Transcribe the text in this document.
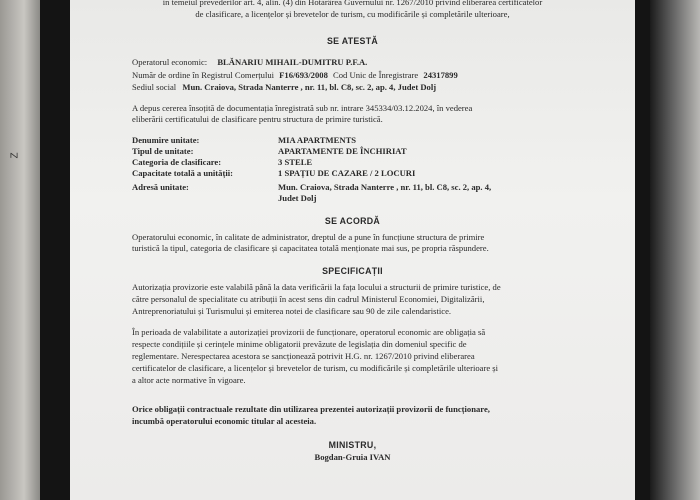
Z
in temeiul prevederilor art. 4, alin. (4) din Hotărârea Guvernului nr. 1267/2010 privind eliberarea certificatelor
de clasificare, a licențelor și brevetelor de turism, cu modificările și completările ulterioare,
SE ATESTĂ
Operatorul economic: BLĂNARIU MIHAIL-DUMITRU P.F.A.
Număr de ordine în Registrul Comerțului F16/693/2008 Cod Unic de Înregistrare 24317899
Sediul social Mun. Craiova, Strada Nanterre , nr. 11, bl. C8, sc. 2, ap. 4, Judet Dolj
A depus cererea însoțită de documentația înregistrată sub nr. intrare 345334/03.12.2024, în vederea
eliberării certificatului de clasificare pentru structura de primire turistică.
Denumire unitate:	MIA APARTMENTS
Tipul de unitate:	APARTAMENTE DE ÎNCHIRIAT
Categoria de clasificare:	3 STELE
Capacitate totală a unității:	1 SPAȚIU DE CAZARE / 2 LOCURI
Adresă unitate:	Mun. Craiova, Strada Nanterre , nr. 11, bl. C8, sc. 2, ap. 4,
Judet Dolj
SE ACORDĂ
Operatorului economic, în calitate de administrator, dreptul de a pune în funcțiune structura de primire
turistică la tipul, categoria de clasificare și capacitatea totală menționate mai sus, pe propria răspundere.
SPECIFICAȚII
Autorizația provizorie este valabilă până la data verificării la fața locului a structurii de primire turistice, de
către personalul de specialitate cu atribuții în acest sens din cadrul Ministerul Economiei, Digitalizării,
Antreprenoriatului și Turismului și emiterea notei de clasificare sau 90 de zile calendaristice.
În perioada de valabilitate a autorizației provizorii de funcționare, operatorul economic are obligația să
respecte condițiile și cerințele minime obligatorii prevăzute de legislația din domeniul specific de
reglementare. Nerespectarea acestora se sancționează potrivit H.G. nr. 1267/2010 privind eliberarea
certificatelor de clasificare, a licențelor și brevetelor de turism, cu modificările și completările ulterioare și
a altor acte normative în vigoare.
Orice obligații contractuale rezultate din utilizarea prezentei autorizații provizorii de funcționare,
incumbă operatorului economic titular al acesteia.
MINISTRU,
Bogdan-Gruia IVAN
